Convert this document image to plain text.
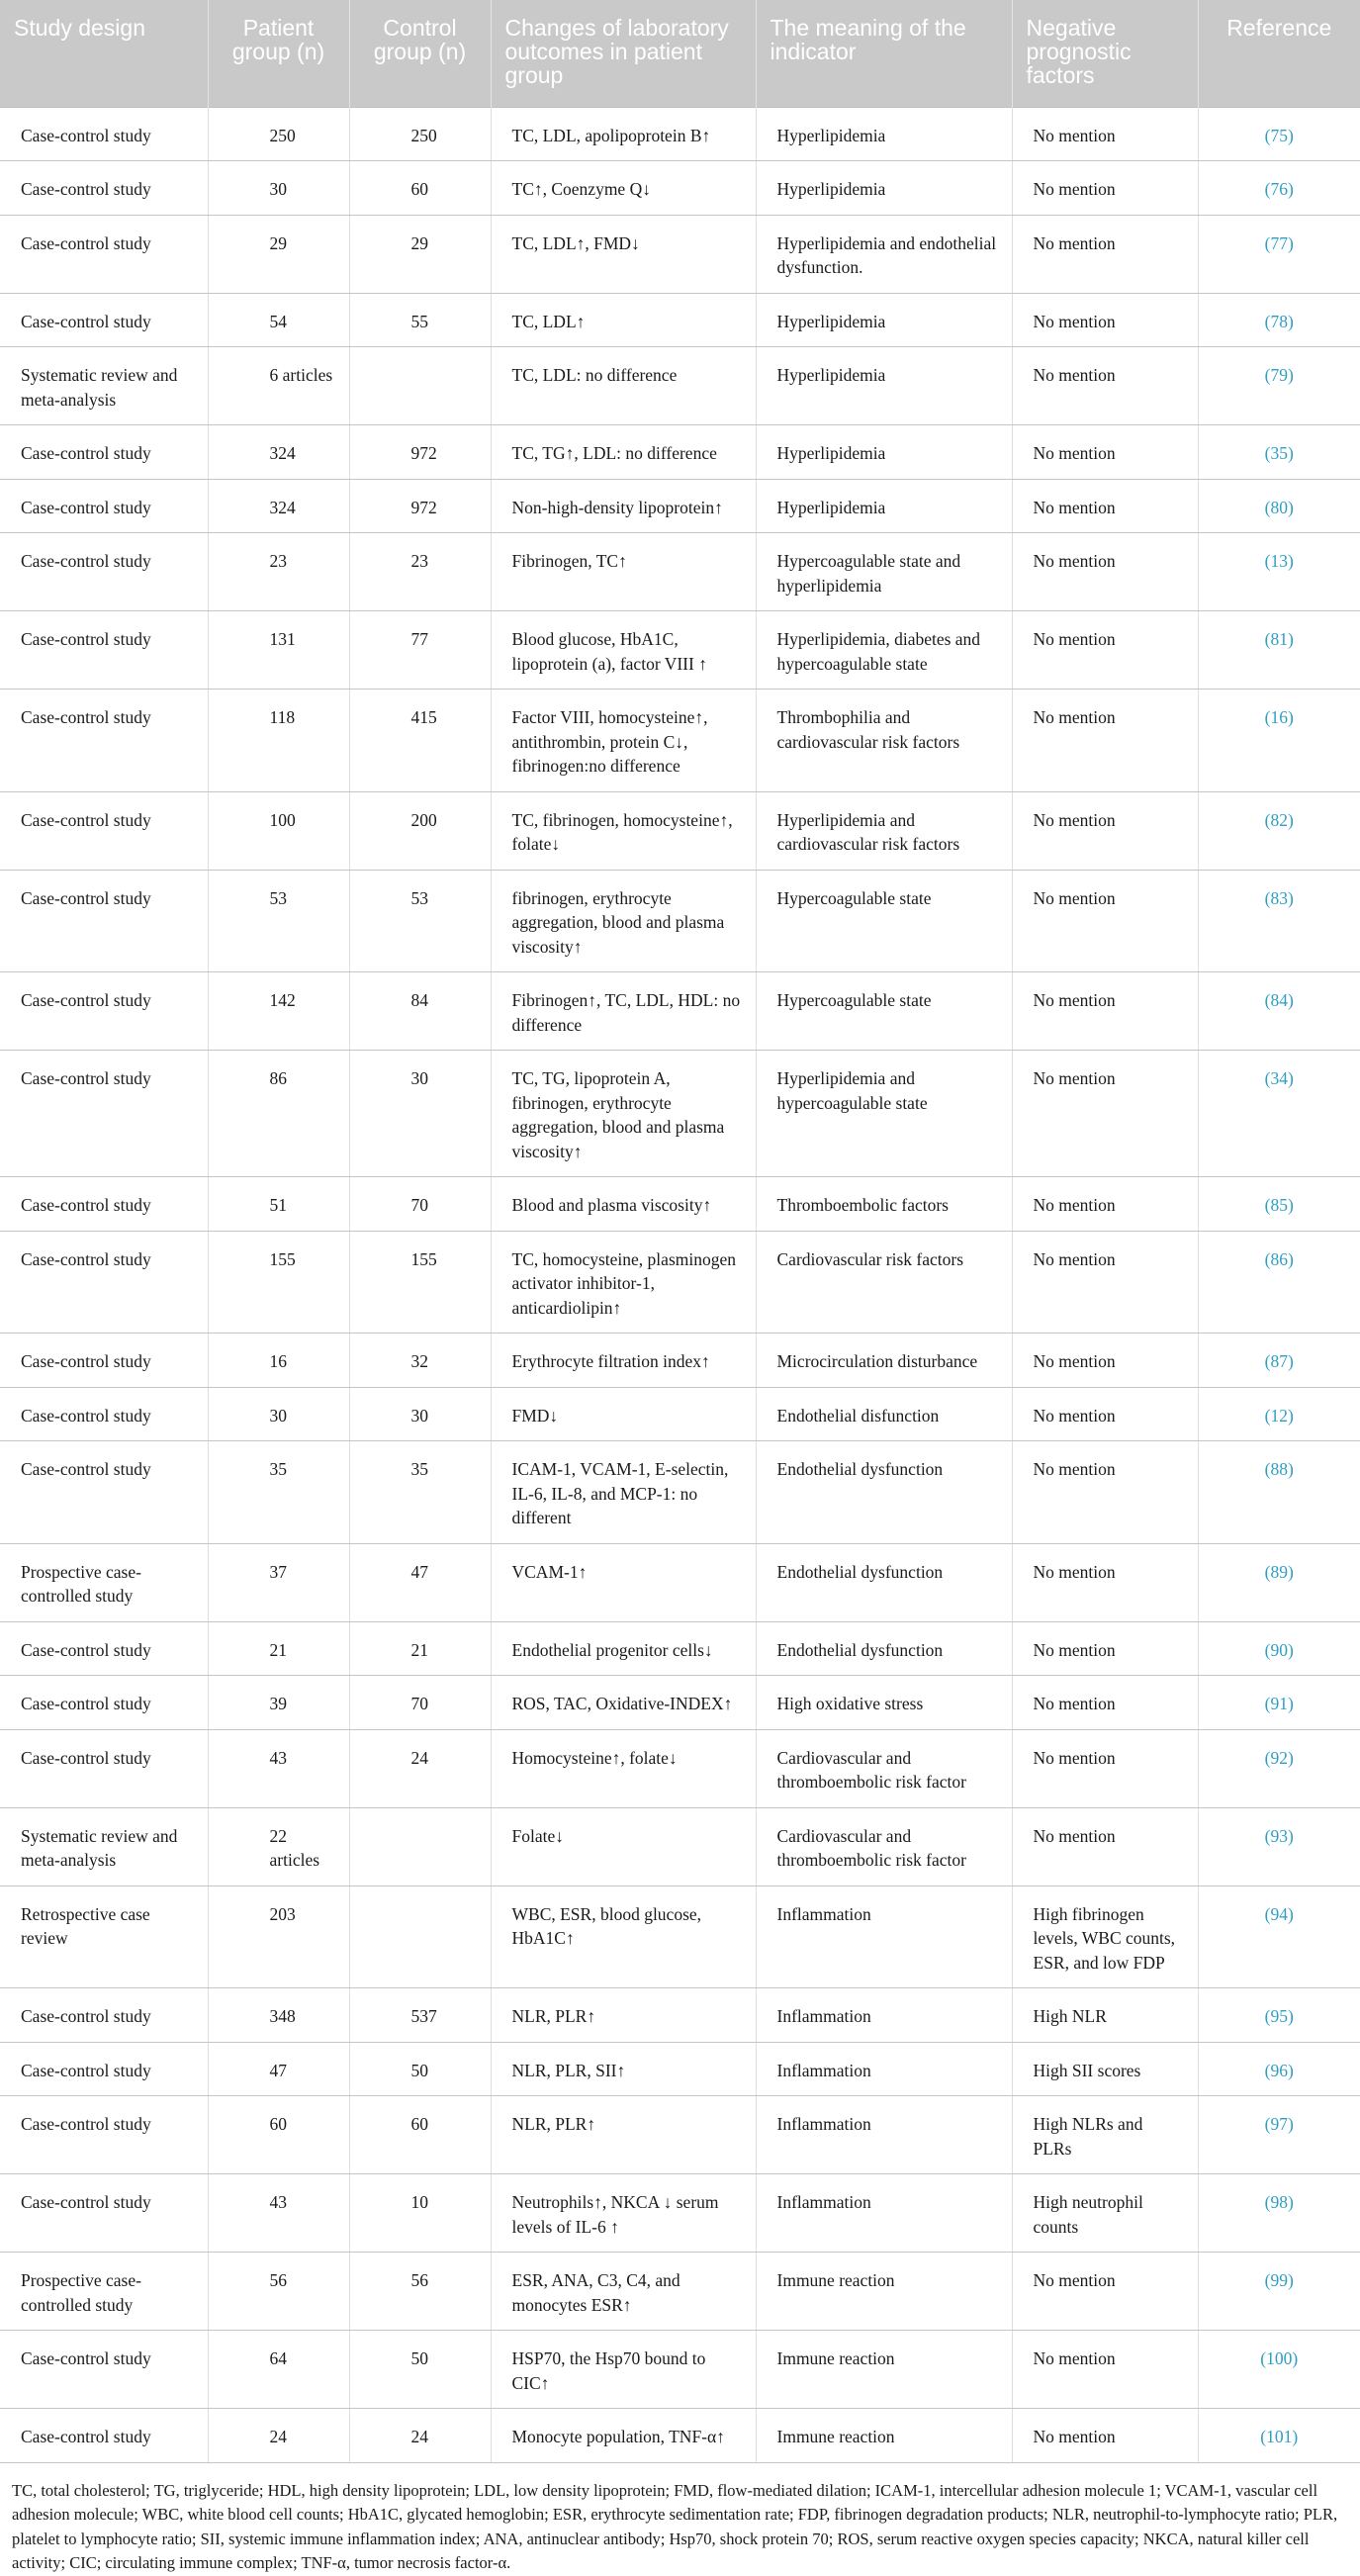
Study design	Patient group (n)	Control group (n)	Changes of laboratory outcomes in patient group	The meaning of the indicator	Negative prognostic factors	Reference
Case-control study	250	250	TC, LDL, apolipoprotein B↑	Hyperlipidemia	No mention	(75)
Case-control study	30	60	TC↑, Coenzyme Q↓	Hyperlipidemia	No mention	(76)
Case-control study	29	29	TC, LDL↑, FMD↓	Hyperlipidemia and endothelial dysfunction.	No mention	(77)
Case-control study	54	55	TC, LDL↑	Hyperlipidemia	No mention	(78)
Systematic review and meta-analysis	6 articles		TC, LDL: no difference	Hyperlipidemia	No mention	(79)
Case-control study	324	972	TC, TG↑, LDL: no difference	Hyperlipidemia	No mention	(35)
Case-control study	324	972	Non-high-density lipoprotein↑	Hyperlipidemia	No mention	(80)
Case-control study	23	23	Fibrinogen, TC↑	Hypercoagulable state and hyperlipidemia	No mention	(13)
Case-control study	131	77	Blood glucose, HbA1C, lipoprotein (a), factor VIII ↑	Hyperlipidemia, diabetes and hypercoagulable state	No mention	(81)
Case-control study	118	415	Factor VIII, homocysteine↑, antithrombin, protein C↓, fibrinogen:no difference	Thrombophilia and cardiovascular risk factors	No mention	(16)
Case-control study	100	200	TC, fibrinogen, homocysteine↑, folate↓	Hyperlipidemia and cardiovascular risk factors	No mention	(82)
Case-control study	53	53	fibrinogen, erythrocyte aggregation, blood and plasma viscosity↑	Hypercoagulable state	No mention	(83)
Case-control study	142	84	Fibrinogen↑, TC, LDL, HDL: no difference	Hypercoagulable state	No mention	(84)
Case-control study	86	30	TC, TG, lipoprotein A, fibrinogen, erythrocyte aggregation, blood and plasma viscosity↑	Hyperlipidemia and hypercoagulable state	No mention	(34)
Case-control study	51	70	Blood and plasma viscosity↑	Thromboembolic factors	No mention	(85)
Case-control study	155	155	TC, homocysteine, plasminogen activator inhibitor-1, anticardiolipin↑	Cardiovascular risk factors	No mention	(86)
Case-control study	16	32	Erythrocyte filtration index↑	Microcirculation disturbance	No mention	(87)
Case-control study	30	30	FMD↓	Endothelial disfunction	No mention	(12)
Case-control study	35	35	ICAM-1, VCAM-1, E-selectin, IL-6, IL-8, and MCP-1: no different	Endothelial dysfunction	No mention	(88)
Prospective case-controlled study	37	47	VCAM-1↑	Endothelial dysfunction	No mention	(89)
Case-control study	21	21	Endothelial progenitor cells↓	Endothelial dysfunction	No mention	(90)
Case-control study	39	70	ROS, TAC, Oxidative-INDEX↑	High oxidative stress	No mention	(91)
Case-control study	43	24	Homocysteine↑, folate↓	Cardiovascular and thromboembolic risk factor	No mention	(92)
Systematic review and meta-analysis	22 articles		Folate↓	Cardiovascular and thromboembolic risk factor	No mention	(93)
Retrospective case review	203		WBC, ESR, blood glucose, HbA1C↑	Inflammation	High fibrinogen levels, WBC counts, ESR, and low FDP	(94)
Case-control study	348	537	NLR, PLR↑	Inflammation	High NLR	(95)
Case-control study	47	50	NLR, PLR, SII↑	Inflammation	High SII scores	(96)
Case-control study	60	60	NLR, PLR↑	Inflammation	High NLRs and PLRs	(97)
Case-control study	43	10	Neutrophils↑, NKCA ↓ serum levels of IL-6 ↑	Inflammation	High neutrophil counts	(98)
Prospective case-controlled study	56	56	ESR, ANA, C3, C4, and monocytes ESR↑	Immune reaction	No mention	(99)
Case-control study	64	50	HSP70, the Hsp70 bound to CIC↑	Immune reaction	No mention	(100)
Case-control study	24	24	Monocyte population, TNF-α↑	Immune reaction	No mention	(101)
TC, total cholesterol; TG, triglyceride; HDL, high density lipoprotein; LDL, low density lipoprotein; FMD, flow-mediated dilation; ICAM-1, intercellular adhesion molecule 1; VCAM-1, vascular cell adhesion molecule; WBC, white blood cell counts; HbA1C, glycated hemoglobin; ESR, erythrocyte sedimentation rate; FDP, fibrinogen degradation products; NLR, neutrophil-to-lymphocyte ratio; PLR, platelet to lymphocyte ratio; SII, systemic immune inflammation index; ANA, antinuclear antibody; Hsp70, shock protein 70; ROS, serum reactive oxygen species capacity; NKCA, natural killer cell activity; CIC; circulating immune complex; TNF-α, tumor necrosis factor-α.
